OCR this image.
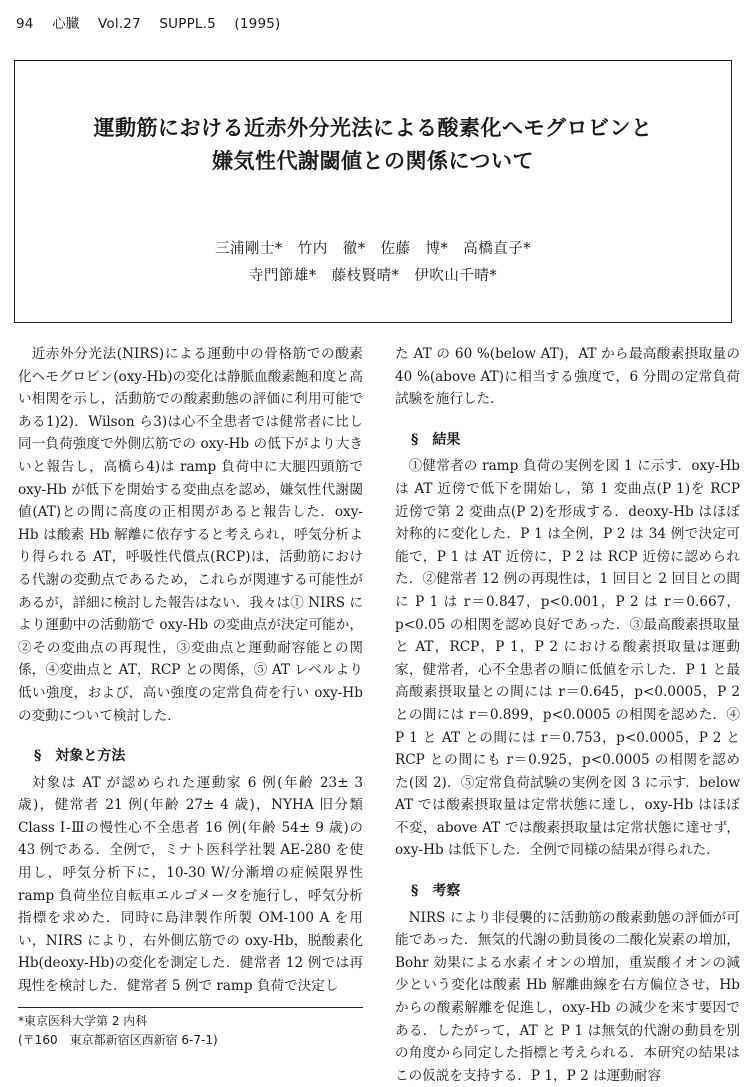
94 心臓 Vol.27 SUPPL.5 (1995)
運動筋における近赤外分光法による酸素化へモグロビンと
嫌気性代謝閾値との関係について
三浦剛士*　竹内　徹*　佐藤　博*　高橋直子*
寺門節雄*　藤枝賢晴*　伊吹山千晴*

近赤外分光法(NIRS)による運動中の骨格筋での酸素化ヘモグロビン(oxy-Hb)の変化は静脈血酸素飽和度と高い相関を示し，活動筋での酸素動態の評価に利用可能である1)2)．Wilson ら3)は心不全患者では健常者に比し同一負荷強度で外側広筋での oxy-Hb の低下がより大きいと報告し，高橋ら4)は ramp 負荷中に大腿四頭筋で oxy-Hb が低下を開始する変曲点を認め，嫌気性代謝閾値(AT)との間に高度の正相関があると報告した．oxy-Hb は酸素 Hb 解離に依存すると考えられ，呼気分析より得られる AT，呼吸性代償点(RCP)は，活動筋における代謝の変動点であるため，これらが関連する可能性があるが，詳細に検討した報告はない．我々は① NIRS により運動中の活動筋で oxy-Hb の変曲点が決定可能か，②その変曲点の再現性，③変曲点と運動耐容能との関係，④変曲点と AT，RCP との関係，⑤ AT レベルより低い強度，および，高い強度の定常負荷を行い oxy-Hb の変動について検討した．

§　対象と方法

対象は AT が認められた運動家 6 例(年齢 23± 3 歳)，健常者 21 例(年齢 27± 4 歳)，NYHA 旧分類 Class Ⅰ-Ⅲの慢性心不全患者 16 例(年齢 54± 9 歳)の 43 例である．全例で，ミナト医科学社製 AE-280 を使用し，呼気分析下に，10-30 W/分漸増の症候限界性 ramp 負荷坐位自転車エルゴメータを施行し，呼気分析指標を求めた．同時に島津製作所製 OM-100 A を用い，NIRS により，右外側広筋での oxy-Hb，脱酸素化 Hb(deoxy-Hb)の変化を測定した．健常者 12 例では再現性を検討した．健常者 5 例で ramp 負荷で決定し

た AT の 60 %(below AT)，AT から最高酸素摂取量の 40 %(above AT)に相当する強度で，6 分間の定常負荷試験を施行した．

§　結果

①健常者の ramp 負荷の実例を図 1 に示す．oxy-Hb は AT 近傍で低下を開始し，第 1 変曲点(P 1)を RCP 近傍で第 2 変曲点(P 2)を形成する．deoxy-Hb はほぼ対称的に変化した．P 1 は全例，P 2 は 34 例で決定可能で，P 1 は AT 近傍に，P 2 は RCP 近傍に認められた．②健常者 12 例の再現性は，1 回目と 2 回目との間に P 1 は r＝0.847，p<0.001，P 2 は r＝0.667，p<0.05 の相関を認め良好であった．③最高酸素摂取量と AT，RCP，P 1，P 2 における酸素摂取量は運動家，健常者，心不全患者の順に低値を示した．P 1 と最高酸素摂取量との間には r＝0.645，p<0.0005，P 2 との間には r＝0.899，p<0.0005 の相関を認めた．④ P 1 と AT との間には r＝0.753，p<0.0005，P 2 と RCP との間にも r＝0.925，p<0.0005 の相関を認めた(図 2)．⑤定常負荷試験の実例を図 3 に示す．below AT では酸素摂取量は定常状態に達し，oxy-Hb はほぼ不変，above AT では酸素摂取量は定常状態に達せず，oxy-Hb は低下した．全例で同様の結果が得られた．

§　考察

NIRS により非侵襲的に活動筋の酸素動態の評価が可能であった．無気的代謝の動員後の二酸化炭素の増加，Bohr 効果による水素イオンの増加，重炭酸イオンの減少という変化は酸素 Hb 解離曲線を右方偏位させ，Hb からの酸素解離を促進し，oxy-Hb の減少を来す要因である．したがって，AT と P 1 は無気的代謝の動員を別の角度から同定した指標と考えられる．本研究の結果はこの仮説を支持する．P 1，P 2 は運動耐容

*東京医科大学第 2 内科
(〒160　東京都新宿区西新宿 6-7-1)
